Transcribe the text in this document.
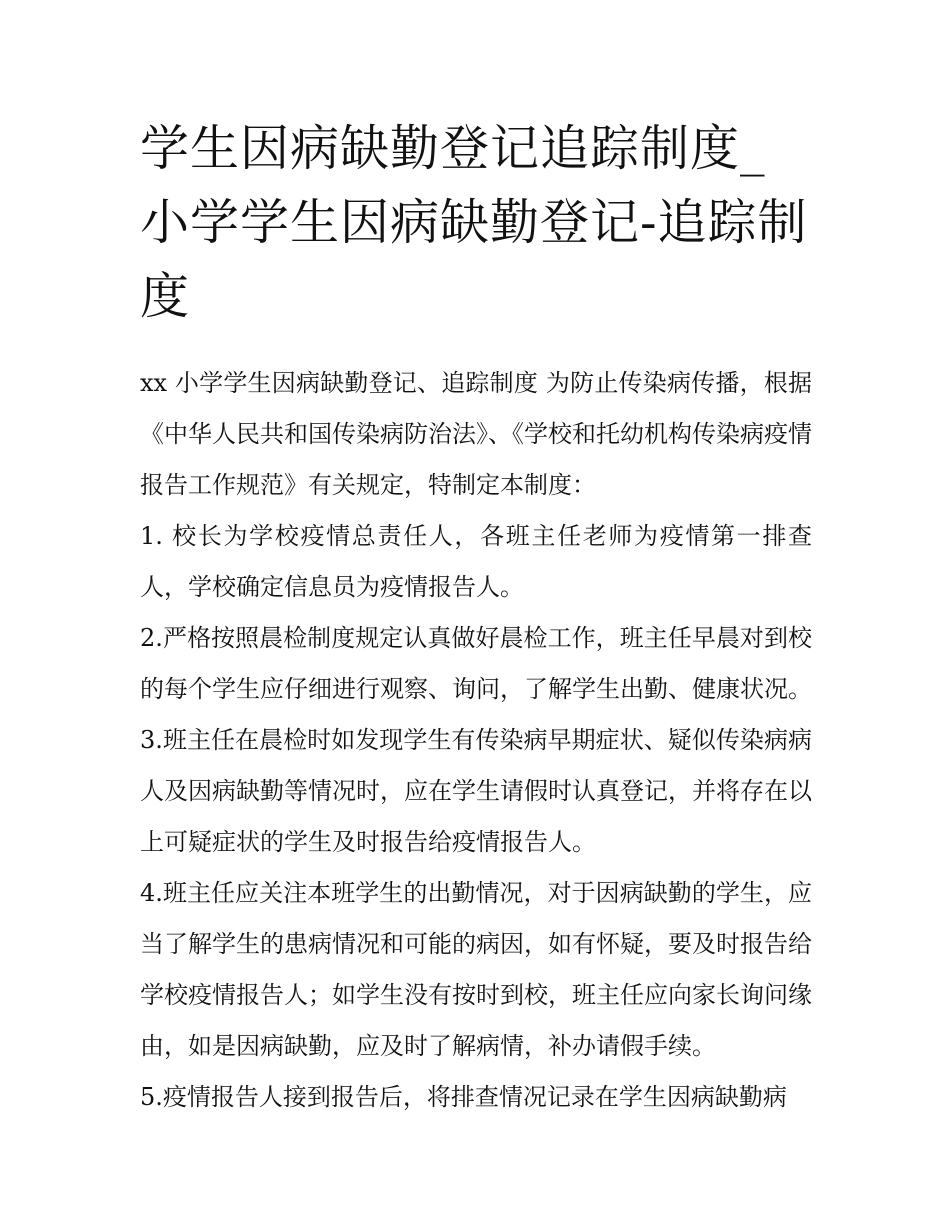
学生因病缺勤登记追踪制度_小学学生因病缺勤登记-追踪制度

xx 小学学生因病缺勤登记、追踪制度 为防止传染病传播，根据《中华人民共和国传染病防治法》、《学校和托幼机构传染病疫情报告工作规范》有关规定，特制定本制度：

1. 校长为学校疫情总责任人，各班主任老师为疫情第一排查人，学校确定信息员为疫情报告人。

2.严格按照晨检制度规定认真做好晨检工作，班主任早晨对到校的每个学生应仔细进行观察、询问，了解学生出勤、健康状况。

3.班主任在晨检时如发现学生有传染病早期症状、疑似传染病病人及因病缺勤等情况时，应在学生请假时认真登记，并将存在以上可疑症状的学生及时报告给疫情报告人。

4.班主任应关注本班学生的出勤情况，对于因病缺勤的学生，应当了解学生的患病情况和可能的病因，如有怀疑，要及时报告给学校疫情报告人；如学生没有按时到校，班主任应向家长询问缘由，如是因病缺勤，应及时了解病情，补办请假手续。

5.疫情报告人接到报告后，将排查情况记录在学生因病缺勤病
